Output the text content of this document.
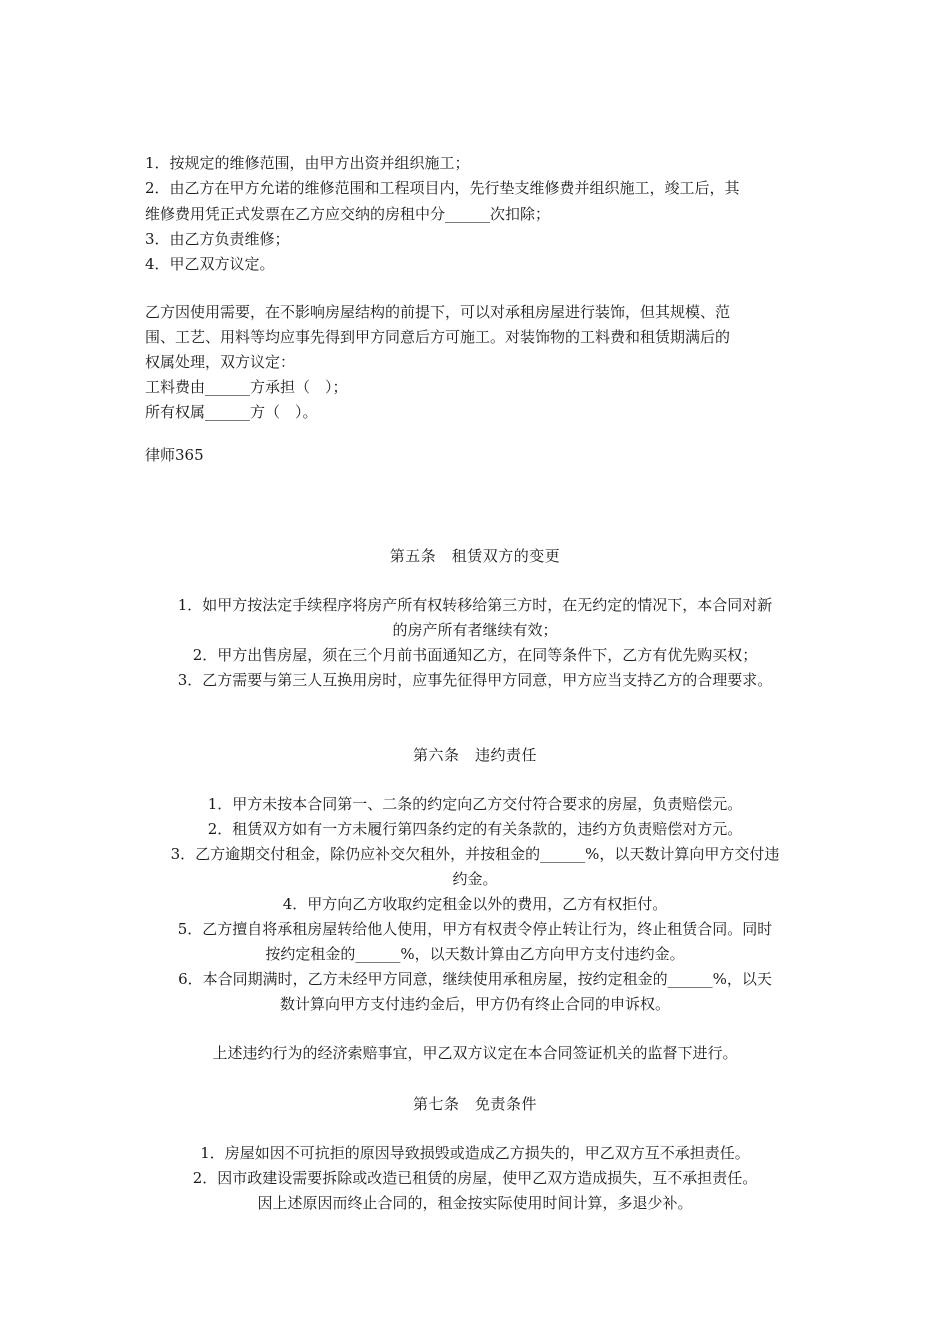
1．按规定的维修范围，由甲方出资并组织施工；
2．由乙方在甲方允诺的维修范围和工程项目内，先行垫支维修费并组织施工，竣工后，其
维修费用凭正式发票在乙方应交纳的房租中分______次扣除；
3．由乙方负责维修；
4．甲乙双方议定。
乙方因使用需要，在不影响房屋结构的前提下，可以对承租房屋进行装饰，但其规模、范
围、工艺、用料等均应事先得到甲方同意后方可施工。对装饰物的工料费和租赁期满后的
权属处理，双方议定：
工料费由______方承担（　）；
所有权属______方（　）。
律师365
第五条　租赁双方的变更
1．如甲方按法定手续程序将房产所有权转移给第三方时，在无约定的情况下，本合同对新
的房产所有者继续有效；
2．甲方出售房屋，须在三个月前书面通知乙方，在同等条件下，乙方有优先购买权；
3．乙方需要与第三人互换用房时，应事先征得甲方同意，甲方应当支持乙方的合理要求。
第六条　违约责任
1．甲方未按本合同第一、二条的约定向乙方交付符合要求的房屋，负责赔偿元。
2．租赁双方如有一方未履行第四条约定的有关条款的，违约方负责赔偿对方元。
3．乙方逾期交付租金，除仍应补交欠租外，并按租金的______%，以天数计算向甲方交付违
约金。
4．甲方向乙方收取约定租金以外的费用，乙方有权拒付。
5．乙方擅自将承租房屋转给他人使用，甲方有权责令停止转让行为，终止租赁合同。同时
按约定租金的______%，以天数计算由乙方向甲方支付违约金。
6．本合同期满时，乙方未经甲方同意，继续使用承租房屋，按约定租金的______%，以天
数计算向甲方支付违约金后，甲方仍有终止合同的申诉权。
上述违约行为的经济索赔事宜，甲乙双方议定在本合同签证机关的监督下进行。
第七条　免责条件
1．房屋如因不可抗拒的原因导致损毁或造成乙方损失的，甲乙双方互不承担责任。
2．因市政建设需要拆除或改造已租赁的房屋，使甲乙双方造成损失，互不承担责任。
因上述原因而终止合同的，租金按实际使用时间计算，多退少补。
